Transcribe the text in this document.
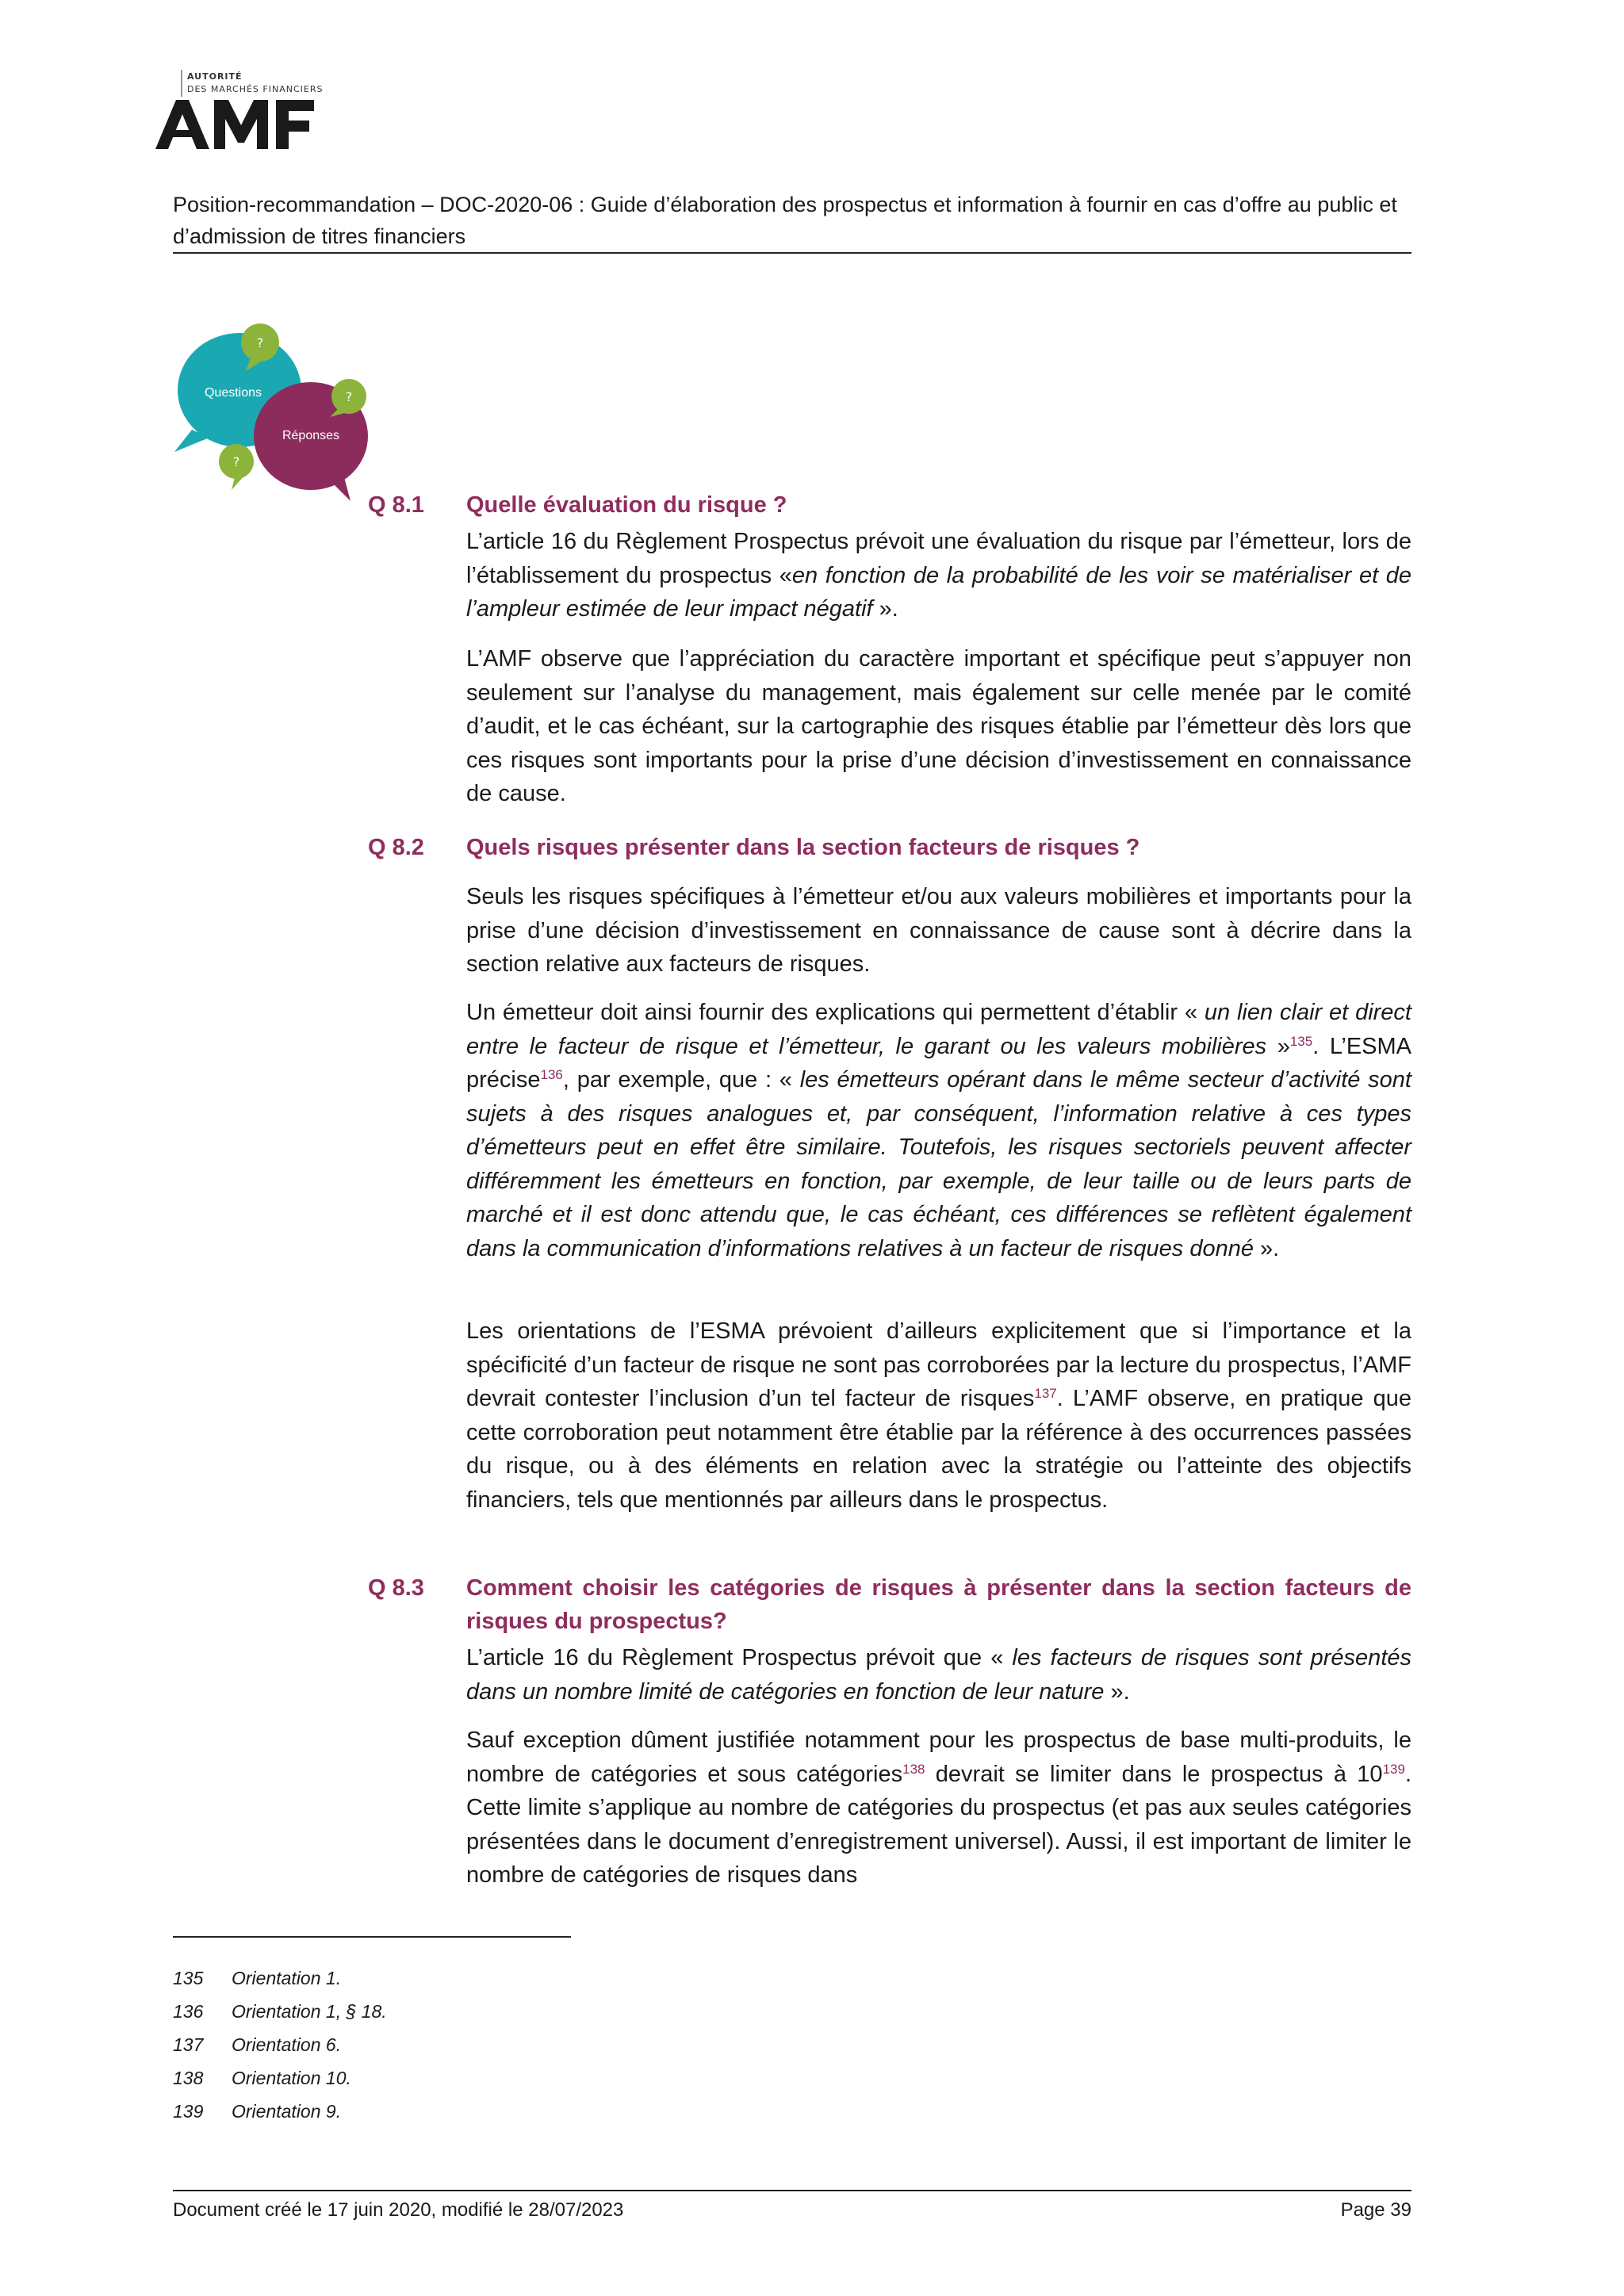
AUTORITÉ
DES MARCHÉS FINANCIERS
Position-recommandation – DOC-2020-06 : Guide d’élaboration des prospectus et information à fournir en cas d’offre au public et d’admission de titres financiers
?
?
?
Questions
Réponses
Q 8.1	Quelle évaluation du risque ?
L’article 16 du Règlement Prospectus prévoit une évaluation du risque par l’émetteur, lors de l’établissement du prospectus «en fonction de la probabilité de les voir se matérialiser et de l’ampleur estimée de leur impact négatif ».
L’AMF observe que l’appréciation du caractère important et spécifique peut s’appuyer non seulement sur l’analyse du management, mais également sur celle menée par le comité d’audit, et le cas échéant, sur la cartographie des risques établie par l’émetteur dès lors que ces risques sont importants pour la prise d’une décision d’investissement en connaissance de cause.
Q 8.2	Quels risques présenter dans la section facteurs de risques ?
Seuls les risques spécifiques à l’émetteur et/ou aux valeurs mobilières et importants pour la prise d’une décision d’investissement en connaissance de cause sont à décrire dans la section relative aux facteurs de risques.
Un émetteur doit ainsi fournir des explications qui permettent d’établir « un lien clair et direct entre le facteur de risque et l’émetteur, le garant ou les valeurs mobilières »$^{135}$. L’ESMA précise$^{136}$, par exemple, que : « les émetteurs opérant dans le même secteur d’activité sont sujets à des risques analogues et, par conséquent, l’information relative à ces types d’émetteurs peut en effet être similaire. Toutefois, les risques sectoriels peuvent affecter différemment les émetteurs en fonction, par exemple, de leur taille ou de leurs parts de marché et il est donc attendu que, le cas échéant, ces différences se reflètent également dans la communication d’informations relatives à un facteur de risques donné ».
Les orientations de l’ESMA prévoient d’ailleurs explicitement que si l’importance et la spécificité d’un facteur de risque ne sont pas corroborées par la lecture du prospectus, l’AMF devrait contester l’inclusion d’un tel facteur de risques$^{137}$. L’AMF observe, en pratique que cette corroboration peut notamment être établie par la référence à des occurrences passées du risque, ou à des éléments en relation avec la stratégie ou l’atteinte des objectifs financiers, tels que mentionnés par ailleurs dans le prospectus.
Q 8.3	Comment choisir les catégories de risques à présenter dans la section facteurs de risques du prospectus?
L’article 16 du Règlement Prospectus prévoit que « les facteurs de risques sont présentés dans un nombre limité de catégories en fonction de leur nature ».
Sauf exception dûment justifiée notamment pour les prospectus de base multi-produits, le nombre de catégories et sous catégories$^{138}$ devrait se limiter dans le prospectus à $10^{139}$. Cette limite s’applique au nombre de catégories du prospectus (et pas aux seules catégories présentées dans le document d’enregistrement universel). Aussi, il est important de limiter le nombre de catégories de risques dans
135 Orientation 1.
136 Orientation 1, § 18.
137 Orientation 6.
138 Orientation 10.
139 Orientation 9.
Document créé le 17 juin 2020, modifié le 28/07/2023	Page 39
